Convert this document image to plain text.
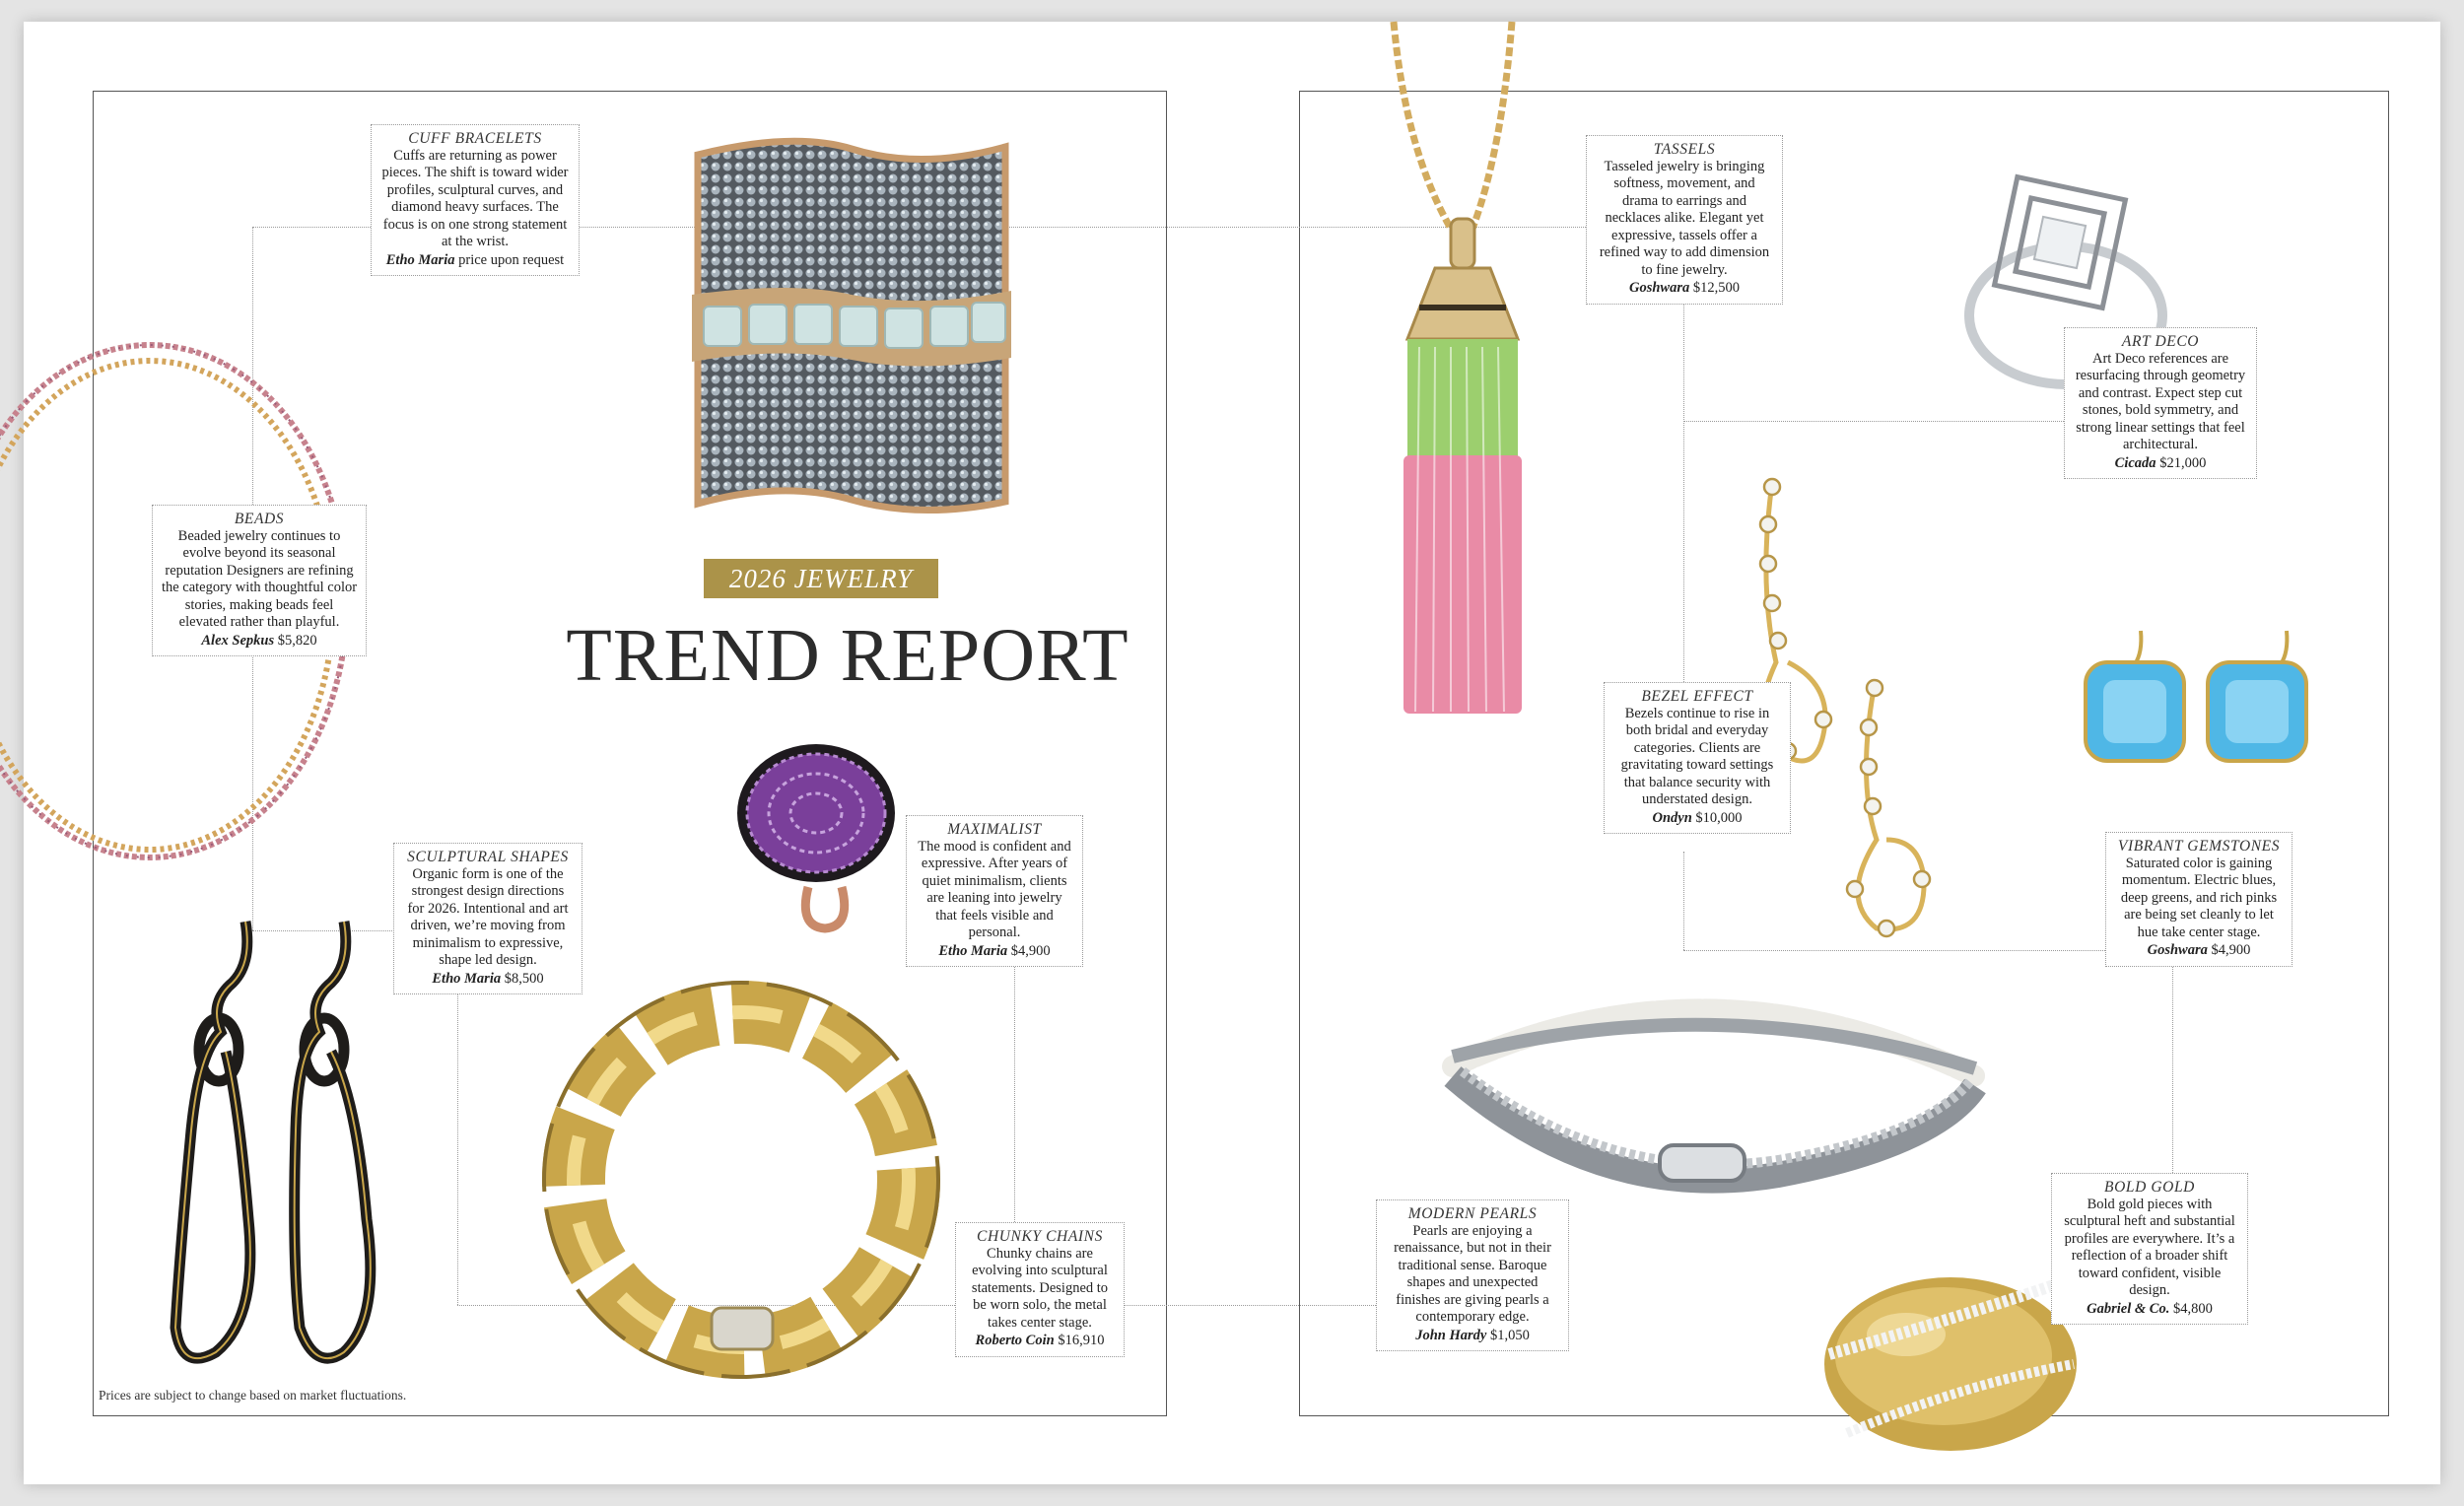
2026 JEWELRY
TREND REPORT
CUFF BRACELETS
Cuffs are returning as power pieces. The shift is toward wider profiles, sculptural curves, and diamond heavy surfaces. The focus is on one strong statement at the wrist.
Etho Maria price upon request
BEADS
Beaded jewelry continues to evolve beyond its seasonal reputation Designers are refining the category with thoughtful color stories, making beads feel elevated rather than playful.
Alex Sepkus $5,820
SCULPTURAL SHAPES
Organic form is one of the strongest design directions for 2026. Intentional and art driven, we’re moving from minimalism to expressive, shape led design.
Etho Maria $8,500
MAXIMALIST
The mood is confident and expressive. After years of quiet minimalism, clients are leaning into jewelry that feels visible and personal.
Etho Maria $4,900
CHUNKY CHAINS
Chunky chains are evolving into sculptural statements. Designed to be worn solo, the metal takes center stage.
Roberto Coin $16,910
TASSELS
Tasseled jewelry is bringing softness, movement, and drama to earrings and necklaces alike. Elegant yet expressive, tassels offer a refined way to add dimension to fine jewelry.
Goshwara $12,500
ART DECO
Art Deco references are resurfacing through geometry and contrast. Expect step cut stones, bold symmetry, and strong linear settings that feel architectural.
Cicada $21,000
BEZEL EFFECT
Bezels continue to rise in both bridal and everyday categories. Clients are gravitating toward settings that balance security with understated design.
Ondyn $10,000
VIBRANT GEMSTONES
Saturated color is gaining momentum. Electric blues, deep greens, and rich pinks are being set cleanly to let hue take center stage.
Goshwara $4,900
MODERN PEARLS
Pearls are enjoying a renaissance, but not in their traditional sense. Baroque shapes and unexpected finishes are giving pearls a contemporary edge.
John Hardy $1,050
BOLD GOLD
Bold gold pieces with sculptural heft and substantial profiles are everywhere. It’s a reflection of a broader shift toward confident, visible design.
Gabriel & Co. $4,800
Prices are subject to change based on market fluctuations.
